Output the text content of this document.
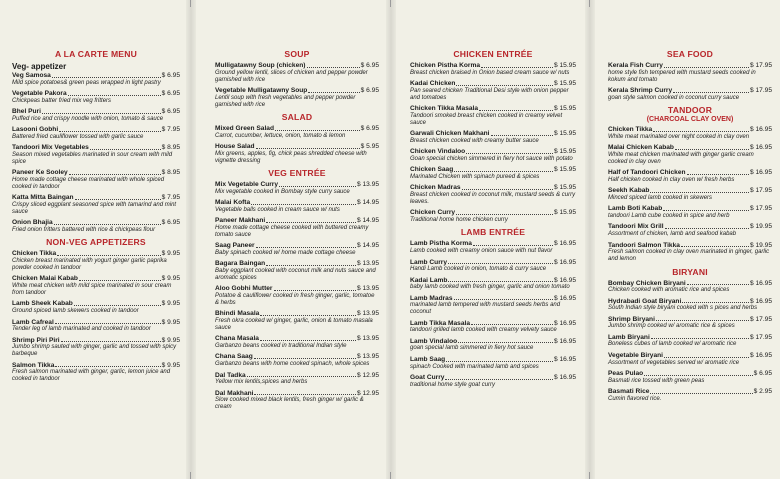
A LA CARTE MENU
Veg- appetizer
Veg Samosa	$ 6.95
Mild spice potatoes& green peas wrapped in light pastry
Vegetable Pakora	$ 6.95
Chickpeas batter fried mix veg fritters
Bhel Puri	$ 6.95
Puffed rice and crispy noodle with onion, tomato & sauce
Lasooni Gobhi	$ 7.95
Battered fried cauliflower tossed with garlic sauce
Tandoori Mix Vegetables	$ 8.95
Season mixed vegetables marinated in sour cream with mild spice
Paneer Ke Sooley	$ 8.95
Home made cottage cheese marinated with whole spiced cooked in tandoor
Katta Mitta Baingan	$ 7.95
Crispy sliced eggplant seasoned spice with tamarind and mint sauce
Onion Bhajia	$ 6.95
Fried onion fritters battered with rice & chickpeas flour
NON-VEG APPETIZERS
Chicken Tikka	$ 9.95
Chicken breast marinated with yogurt ginger garlic paprika powder cooked in tandoor
Chicken Malai Kabab	$ 9.95
White meat chicken with mild spice marinated in sour cream from tandoor
Lamb Sheek Kabab	$ 9.95
Ground spiced lamb skewers cooked in tandoor
Lamb Cafreal	$ 9.95
Tender leg of lamb marinated and cooked in tandoor
Shrimp Piri Piri	$ 9.95
Jumbo shrimp sauted with ginger, garlic and tossed with spicy barbeque
Salmon Tikka	$ 9.95
Fresh salmon marinated with ginger, garlic, lemon juice and cooked in tandoor
SOUP
Mulligatawny Soup (chicken)	$ 6.95
Ground yellow lentil, slices of chicken and pepper powder garnished with rice
Vegetable Mulligatawny Soup	$ 6.95
Lentil soup with fresh vegetables and pepper powder garnished with rice
SALAD
Mixed Green Salad	$ 6.95
Carrot, cucumber, lettuce, onion, tomato & lemon
House Salad	$ 5.95
Mix greens, apples, fig, chick peas shredded cheese with vignette dressing
VEG ENTRÉE
Mix Vegetable Curry	$ 13.95
Mix vegetable cooked in Bombay style curry sauce
Malai Kofta	$ 14.95
Vegetable balls cooked in cream sauce w/ nuts
Paneer Makhani	$ 14.95
Home made cottage cheese cooked with buttered creamy tomato sauce
Saag Paneer	$ 14.95
Baby spinach cooked w/ home made cottage cheese
Bagara Baingan	$ 13.95
Baby eggplant cooked with coconut milk and nuts sauce and aromatic spices
Aloo Gobhi Mutter	$ 13.95
Potatoe & cauliflower cooked in fresh ginger, garlic, tomatoe & herbs
Bhindi Masala	$ 13.95
Fresh okra cooked w/ ginger, garlic, onion & tomato masala sauce
Chana Masala	$ 13.95
Garbanzo beans cooked in traditional Indian style
Chana Saag	$ 13.95
Garbanzo beans with home cooked spinach, whole spices
Dal Tadka	$ 12.95
Yellow mix lentils,spices and herbs
Dal Makhani	$ 12.95
Slow cooked mixed black lentils, fresh ginger w/ garlic & cream
CHICKEN ENTRÉE
Chicken Pistha Korma	$ 15.95
Breast chicken braised in Onion based cream sauce w/ nuts
Kadai Chicken	$ 15.95
Pan seared chicken Traditional Desi style with onion pepper and tomatoes
Chicken Tikka Masala	$ 15.95
Tandoori smoked breast chicken cooked in creamy velvet sauce
Garwali Chicken Makhani	$ 15.95
Breast chicken cooked with creamy butter sauce
Chicken Vindaloo	$ 15.95
Goan special chicken simmered in fiery hot sauce with potato
Chicken Saag	$ 15.95
Marinated Chicken with spinach pureed & spices
Chicken Madras	$ 15.95
Breast chicken cooked in coconut milk, mustard seeds & curry leaves.
Chicken Curry	$ 15.95
Traditional home home chicken curry
LAMB ENTRÉE
Lamb Pistha Korma	$ 16.95
Lamb cooked with creamy onion sauce with nut flavor
Lamb Curry	$ 16.95
Handi Lamb cooked in onion, tomato & curry sauce
Kadai Lamb	$ 16.95
baby lamb cooked with fresh ginger, garlic and onion tomato
Lamb Madras	$ 16.95
marinated lamb tempered with mustard seeds herbs and coconut
Lamb Tikka Masala	$ 16.95
tandoori grilled lamb cooked with creamy velvety sauce
Lamb Vindaloo	$ 16.95
goan special lamb simmered in fiery hot sauce
Lamb Saag	$ 16.95
spinach Cooked with marinated lamb and spices
Goat Curry	$ 16.95
traditional home style goat curry
SEA FOOD
Kerala Fish Curry	$ 17.95
home style fish tempered with mustard seeds cooked in kokum and tomato
Kerala Shrimp Curry	$ 17.95
goan style salmon cooked in coconut curry sauce
TANDOOR
(CHARCOAL CLAY OVEN)
Chicken Tikka	$ 16.95
White meat marinated over night cooked in clay oven
Malai Chicken Kabab	$ 16.95
White meat chicken marinated with ginger garlic cream cooked in clay oven
Half of Tandoori Chicken	$ 16.95
Half chicken cooked in clay oven w/ fresh herbs
Seekh Kabab	$ 17.95
Minced spiced lamb cooked in skewers
Lamb Boti Kabab	$ 17.95
tandoori Lamb cube cooked in spice and herb
Tandoori Mix Grill	$ 19.95
Assortment of chicken, lamb and seafood kabab
Tandoori Salmon Tikka	$ 19.95
Fresh salmon cooked in clay oven marinated in ginger, garlic and lemon
BIRYANI
Bombay Chicken Biryani	$ 16.95
Chicken cooked with aromatic rice and spices
Hydrabadi Goat Biryani	$ 16.95
South Indian style biryani cooked with s pices and herbs
Shrimp Biryani	$ 17.95
Jumbo shrimp cooked w/ aromatic rice & spices
Lamb Biryani	$ 17.95
Boneless cubes of lamb cooked w/ aromatic rice
Vegetable Biryani	$ 16.95
Assortment of vegetables served w/ aromatic rice
Peas Pulao	$ 6.95
Basmati rice tossed with green peas
Basmati Rice	$ 2.95
Cumin flavored rice.
